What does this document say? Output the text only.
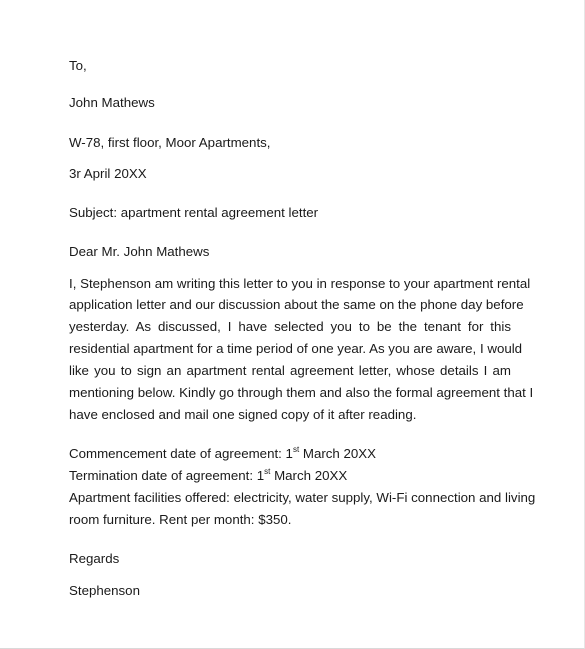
To,
John Mathews
W-78, first floor, Moor Apartments,
3r April 20XX
Subject: apartment rental agreement letter
Dear Mr. John Mathews
I, Stephenson am writing this letter to you in response to your apartment rental
application letter and our discussion about the same on the phone day before
yesterday. As discussed, I have selected you to be the tenant for this
residential apartment for a time period of one year. As you are aware, I would
like you to sign an apartment rental agreement letter, whose details I am
mentioning below. Kindly go through them and also the formal agreement that I
have enclosed and mail one signed copy of it after reading.
Commencement date of agreement: 1st March 20XX
Termination date of agreement: 1st March 20XX
Apartment facilities offered: electricity, water supply, Wi-Fi connection and living
room furniture. Rent per month: $350.
Regards
Stephenson
